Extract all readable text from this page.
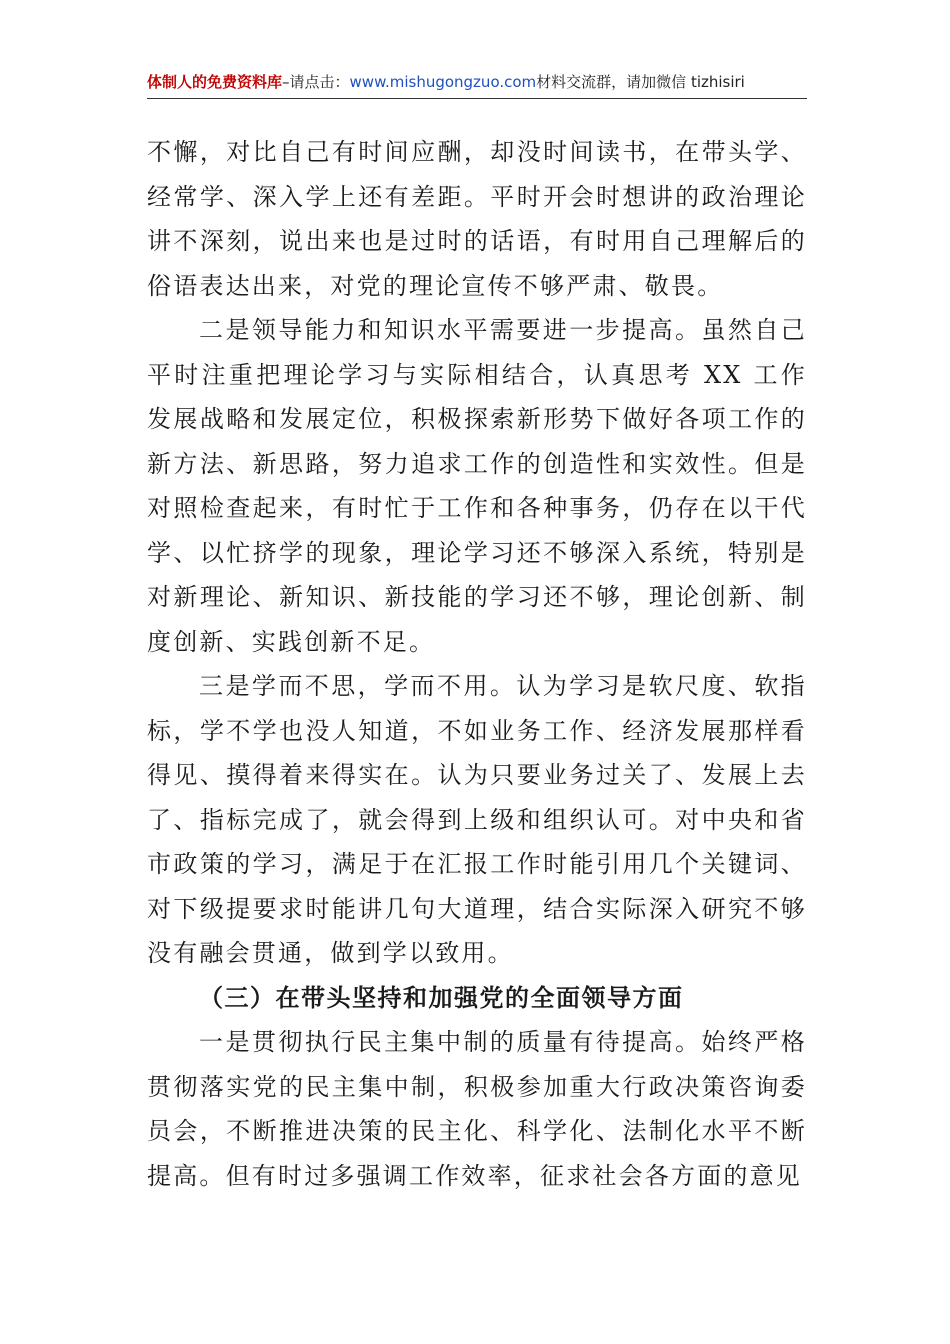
体制人的免费资料库–请点击：www.mishugongzuo.com材料交流群，请加微信 tizhisiri

不懈，对比自己有时间应酬，却没时间读书，在带头学、经常学、深入学上还有差距。平时开会时想讲的政治理论讲不深刻，说出来也是过时的话语，有时用自己理解后的俗语表达出来，对党的理论宣传不够严肃、敬畏。

二是领导能力和知识水平需要进一步提高。虽然自己平时注重把理论学习与实际相结合，认真思考 XX 工作发展战略和发展定位，积极探索新形势下做好各项工作的新方法、新思路，努力追求工作的创造性和实效性。但是对照检查起来，有时忙于工作和各种事务，仍存在以干代学、以忙挤学的现象，理论学习还不够深入系统，特别是对新理论、新知识、新技能的学习还不够，理论创新、制度创新、实践创新不足。

三是学而不思，学而不用。认为学习是软尺度、软指标，学不学也没人知道，不如业务工作、经济发展那样看得见、摸得着来得实在。认为只要业务过关了、发展上去了、指标完成了，就会得到上级和组织认可。对中央和省市政策的学习，满足于在汇报工作时能引用几个关键词、对下级提要求时能讲几句大道理，结合实际深入研究不够没有融会贯通，做到学以致用。

（三）在带头坚持和加强党的全面领导方面

一是贯彻执行民主集中制的质量有待提高。始终严格贯彻落实党的民主集中制，积极参加重大行政决策咨询委员会，不断推进决策的民主化、科学化、法制化水平不断提高。但有时过多强调工作效率，征求社会各方面的意见
